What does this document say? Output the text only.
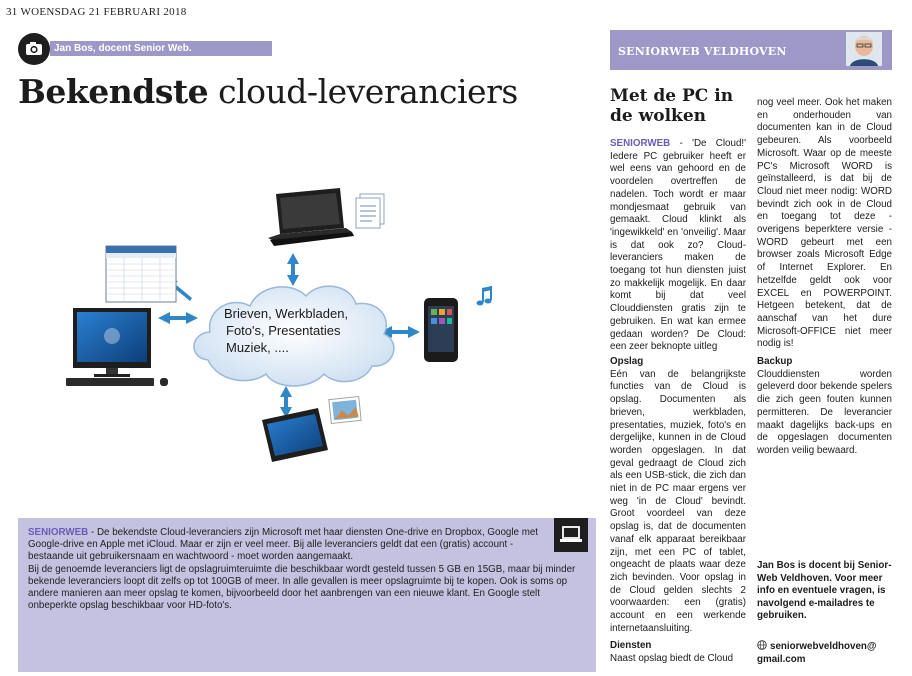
31 WOENSDAG 21 FEBRUARI 2018
Jan Bos, docent Senior Web.
Bekendste cloud-leveranciers
Brieven, Werkbladen,
Foto's, Presentaties
Muziek, ....

SENIORWEB - De bekendste Cloud-leveranciers zijn Microsoft met haar diensten One-drive en Dropbox, Google met Google-drive en Apple met iCloud. Maar er zijn er veel meer. Bij alle leveranciers geldt dat een (gratis) account - bestaande uit gebruikersnaam en wachtwoord - moet worden aangemaakt.

Bij de genoemde leveranciers ligt de opslagruimteruimte die beschikbaar wordt gesteld tussen 5 GB en 15GB, maar bij minder bekende leveranciers loopt dit zelfs op tot 100GB of meer. In alle gevallen is meer opslagruimte bij te kopen. Ook is soms op andere manieren aan meer opslag te komen, bijvoorbeeld door het aanbrengen van een nieuwe klant. En Google stelt onbeperkte opslag beschikbaar voor HD-foto's.

SENIORWEB VELDHOVEN
Met de PC in
de wolken

SENIORWEB - 'De Cloud!' Iedere PC gebruiker heeft er wel eens van gehoord en de voordelen overtreffen de nadelen. Toch wordt er maar mondjesmaat gebruik van gemaakt. Cloud klinkt als 'ingewikkeld' en 'onveilig'. Maar is dat ook zo? Cloud-leveranciers maken de toegang tot hun diensten juist zo makkelijk mogelijk. En daar komt bij dat veel Clouddiensten gratis zijn te gebruiken. En wat kan ermee gedaan worden? De Cloud: een zeer beknopte uitleg

Opslag

Eén van de belangrijkste functies van de Cloud is opslag. Documenten als brieven, werkbladen, presentaties, muziek, foto's en dergelijke, kunnen in de Cloud worden opgeslagen. In dat geval gedraagt de Cloud zich als een USB-stick, die zich dan niet in de PC maar ergens ver weg 'in de Cloud' bevindt. Groot voordeel van deze opslag is, dat de documenten vanaf elk apparaat bereikbaar zijn, met een PC of tablet, ongeacht de plaats waar deze zich bevinden. Voor opslag in de Cloud gelden slechts 2 voorwaarden: een (gratis) account en een werkende internetaansluiting.

Diensten

Naast opslag biedt de Cloud

nog veel meer. Ook het maken en onderhouden van documenten kan in de Cloud gebeuren. Als voorbeeld Microsoft. Waar op de meeste PC's Microsoft WORD is geïnstalleerd, is dat bij de Cloud niet meer nodig: WORD bevindt zich ook in de Cloud en toegang tot deze - overigens beperktere versie - WORD gebeurt met een browser zoals Microsoft Edge of Internet Explorer. En hetzelfde geldt ook voor EXCEL en POWERPOINT. Hetgeen betekent, dat de aanschaf van het dure Microsoft-OFFICE niet meer nodig is!

Backup

Clouddiensten worden geleverd door bekende spelers die zich geen fouten kunnen permitteren. De leverancier maakt dagelijks back-ups en de opgeslagen documenten worden veilig bewaard.

Jan Bos is docent bij Senior-Web Veldhoven. Voor meer info en eventuele vragen, is navolgend e-mailadres te gebruiken.
seniorwebveldhoven@
gmail.com
